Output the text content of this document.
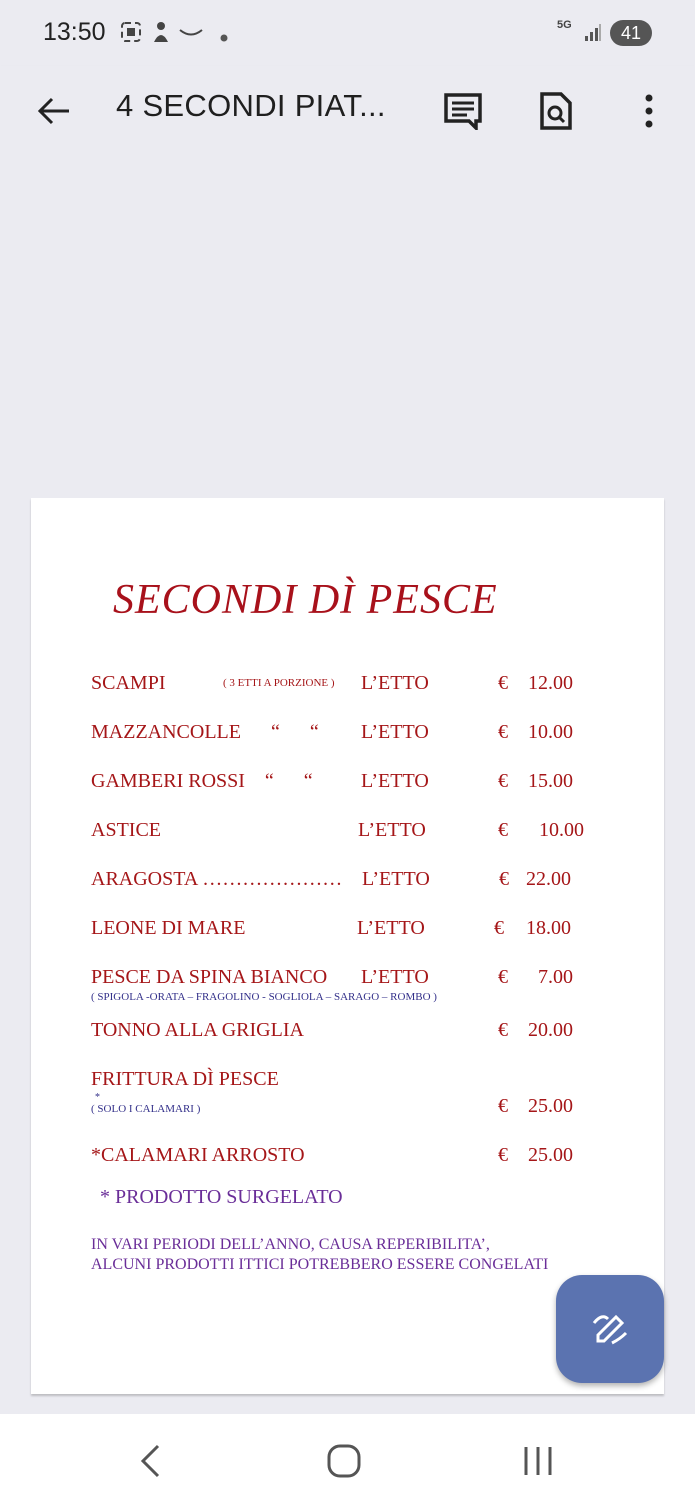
13:50	5G	41
4 SECONDI PIAT...
SECONDI DÌ PESCE
SCAMPI	( 3 ETTI A PORZIONE ) L’ETTO	€ 12.00
MAZZANCOLLE      “      “ L’ETTO	€ 10.00
GAMBERI ROSSI    “      “ L’ETTO	€ 15.00
ASTICE	L’ETTO	€ 10.00
ARAGOSTA ………………… L’ETTO	€ 22.00
LEONE DI MARE	L’ETTO	€ 18.00
PESCE DA SPINA BIANCO L’ETTO	€ 7.00
( SPIGOLA -ORATA – FRAGOLINO - SOGLIOLA – SARAGO – ROMBO )
TONNO ALLA GRIGLIA	€ 20.00
FRITTURA DÌ PESCE
*
( SOLO I CALAMARI )	€ 25.00
*CALAMARI ARROSTO	€ 25.00
* PRODOTTO SURGELATO
IN VARI PERIODI DELL’ANNO, CAUSA REPERIBILITA’,
ALCUNI PRODOTTI ITTICI POTREBBERO ESSERE CONGELATI
